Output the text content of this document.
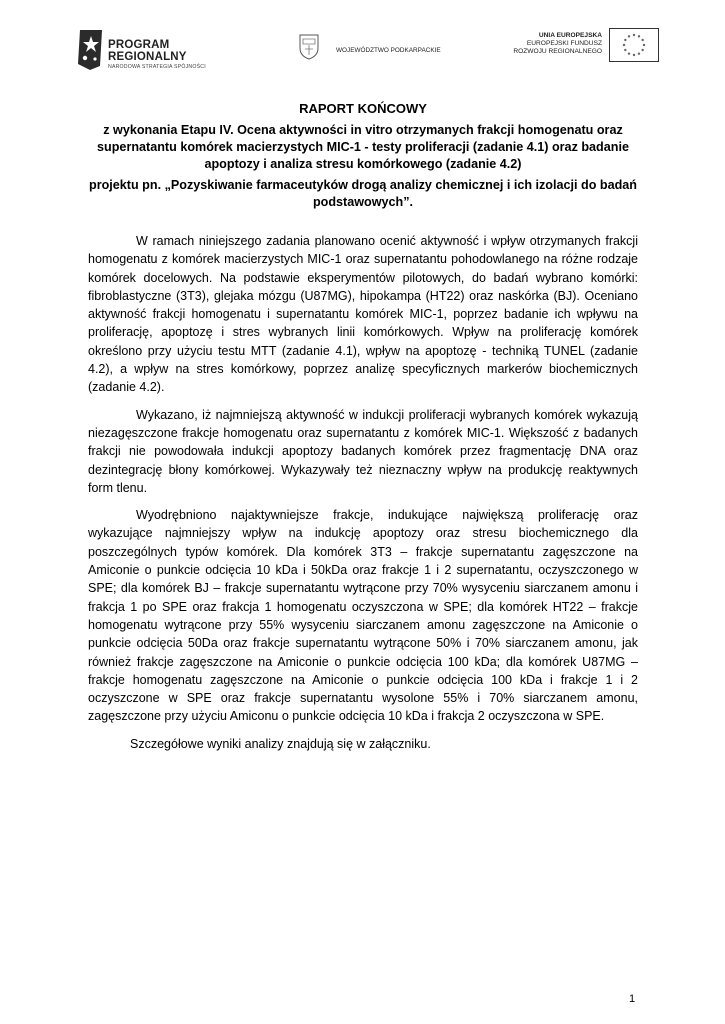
PROGRAM
REGIONALNY
NARODOWA STRATEGIA SPÓJNOŚCI
WOJEWÓDZTWO PODKARPACKIE
UNIA EUROPEJSKA
EUROPEJSKI FUNDUSZ
ROZWOJU REGIONALNEGO
RAPORT KOŃCOWY
z wykonania Etapu IV. Ocena aktywności in vitro otrzymanych frakcji homogenatu oraz supernatantu komórek macierzystych MIC-1 - testy proliferacji (zadanie 4.1) oraz badanie apoptozy i analiza stresu komórkowego (zadanie 4.2)
projektu pn. „Pozyskiwanie farmaceutyków drogą analizy chemicznej i ich izolacji do badań podstawowych”.

W ramach niniejszego zadania planowano ocenić aktywność i wpływ otrzymanych frakcji homogenatu z komórek macierzystych MIC-1 oraz supernatantu pohodowlanego na różne rodzaje komórek docelowych. Na podstawie eksperymentów pilotowych, do badań wybrano komórki: fibroblastyczne (3T3), glejaka mózgu (U87MG), hipokampa (HT22) oraz naskórka (BJ). Oceniano aktywność frakcji homogenatu i supernatantu komórek MIC-1, poprzez badanie ich wpływu na proliferację, apoptozę i stres wybranych linii komórkowych. Wpływ na proliferację komórek określono przy użyciu testu MTT (zadanie 4.1), wpływ na apoptozę - techniką TUNEL (zadanie 4.2), a wpływ na stres komórkowy, poprzez analizę specyficznych markerów biochemicznych (zadanie 4.2).

Wykazano, iż najmniejszą aktywność w indukcji proliferacji wybranych komórek wykazują niezagęszczone frakcje homogenatu oraz supernatantu z komórek MIC-1. Większość z badanych frakcji nie powodowała indukcji apoptozy badanych komórek przez fragmentację DNA oraz dezintegrację błony komórkowej. Wykazywały też nieznaczny wpływ na produkcję reaktywnych form tlenu.

Wyodrębniono najaktywniejsze frakcje, indukujące największą proliferację oraz wykazujące najmniejszy wpływ na indukcję apoptozy oraz stresu biochemicznego dla poszczególnych typów komórek. Dla komórek 3T3 – frakcje supernatantu zagęszczone na Amiconie o punkcie odcięcia 10 kDa i 50kDa oraz frakcje 1 i 2 supernatantu, oczyszczonego w SPE; dla komórek BJ – frakcje supernatantu wytrącone przy 70% wysyceniu siarczanem amonu i frakcja 1 po SPE oraz frakcja 1 homogenatu oczyszczona w SPE; dla komórek HT22 – frakcje homogenatu wytrącone przy 55% wysyceniu siarczanem amonu zagęszczone na Amiconie o punkcie odcięcia 50Da oraz frakcje supernatantu wytrącone 50% i 70% siarczanem amonu, jak również frakcje zagęszczone na Amiconie o punkcie odcięcia 100 kDa; dla komórek U87MG – frakcje homogenatu zagęszczone na Amiconie o punkcie odcięcia 100 kDa i frakcje 1 i 2 oczyszczone w SPE oraz frakcje supernatantu wysolone 55% i 70% siarczanem amonu, zagęszczone przy użyciu Amiconu o punkcie odcięcia 10 kDa i frakcja 2 oczyszczona w SPE.

Szczegółowe wyniki analizy znajdują się w załączniku.

1
